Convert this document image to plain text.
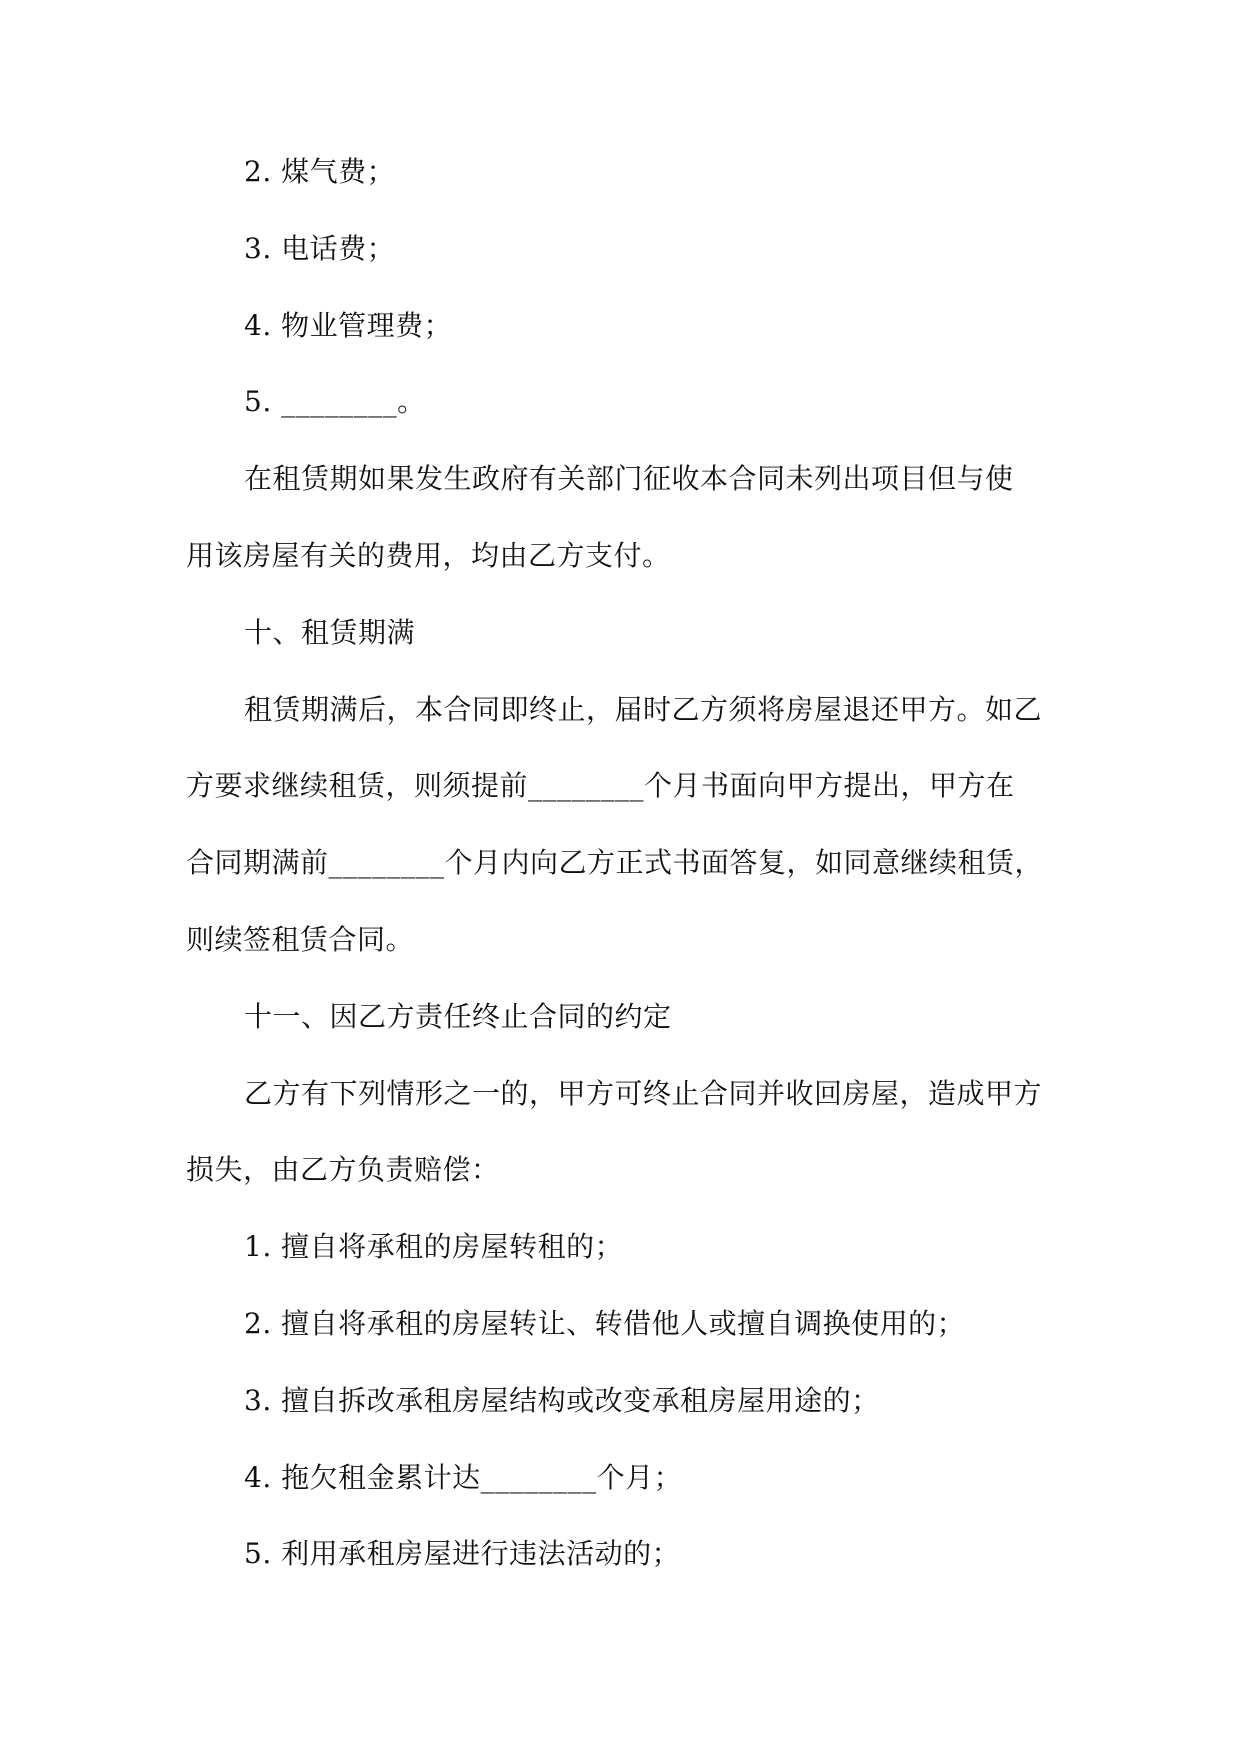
2. 煤气费；

3. 电话费；

4. 物业管理费；

5. ________。

在租赁期如果发生政府有关部门征收本合同未列出项目但与使

用该房屋有关的费用，均由乙方支付。

十、租赁期满

租赁期满后，本合同即终止，届时乙方须将房屋退还甲方。如乙

方要求继续租赁，则须提前________个月书面向甲方提出，甲方在

合同期满前________个月内向乙方正式书面答复，如同意继续租赁，

则续签租赁合同。

十一、因乙方责任终止合同的约定

乙方有下列情形之一的，甲方可终止合同并收回房屋，造成甲方

损失，由乙方负责赔偿：

1. 擅自将承租的房屋转租的；

2. 擅自将承租的房屋转让、转借他人或擅自调换使用的；

3. 擅自拆改承租房屋结构或改变承租房屋用途的；

4. 拖欠租金累计达________个月；

5. 利用承租房屋进行违法活动的；
